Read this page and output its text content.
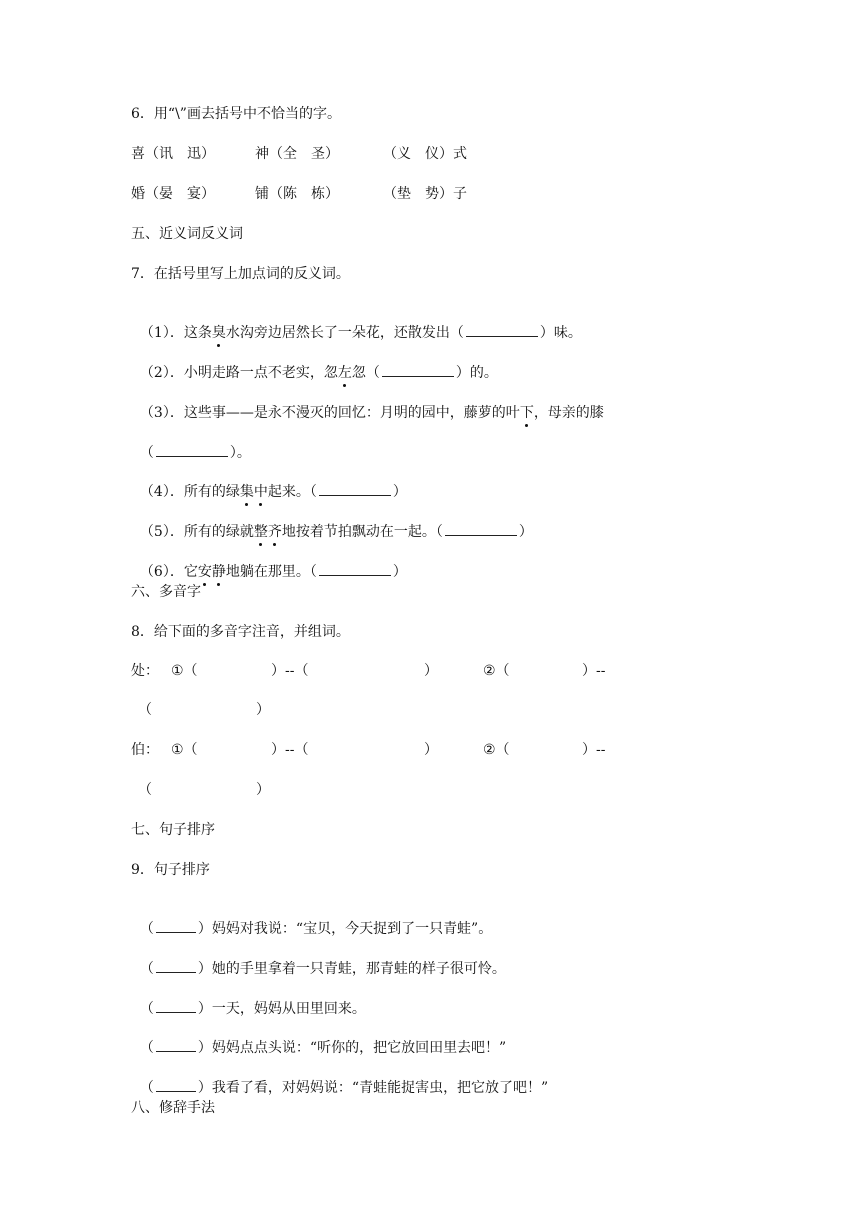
6．用“\”画去括号中不恰当的字。
喜（讯　迅）	神（全　圣）	（义　仪）式
婚（晏　宴）	铺（陈　栋）	（垫　势）子
五、近义词反义词
7．在括号里写上加点词的反义词。

（1）．这条臭水沟旁边居然长了一朵花，还散发出（	）味。

（2）．小明走路一点不老实，忽左忽（	）的。

（3）．这些事——是永不漫灭的回忆：月明的园中，藤萝的叶下，母亲的膝

（	）。

（4）．所有的绿集中起来。（	）

（5）．所有的绿就整齐地按着节拍飘动在一起。（	）

（6）．它安静地躺在那里。（	）

六、多音字
8．给下面的多音字注音，并组词。
处： ①（	）--（	）	②（	）--
（	）
伯： ①（	）--（	）	②（	）--
（	）
七、句子排序
9．句子排序

（	）妈妈对我说：“宝贝，今天捉到了一只青蛙”。

（	）她的手里拿着一只青蛙，那青蛙的样子很可怜。

（	）一天，妈妈从田里回来。

（	）妈妈点点头说：“听你的，把它放回田里去吧！”

（	）我看了看，对妈妈说：“青蛙能捉害虫，把它放了吧！”

八、修辞手法
